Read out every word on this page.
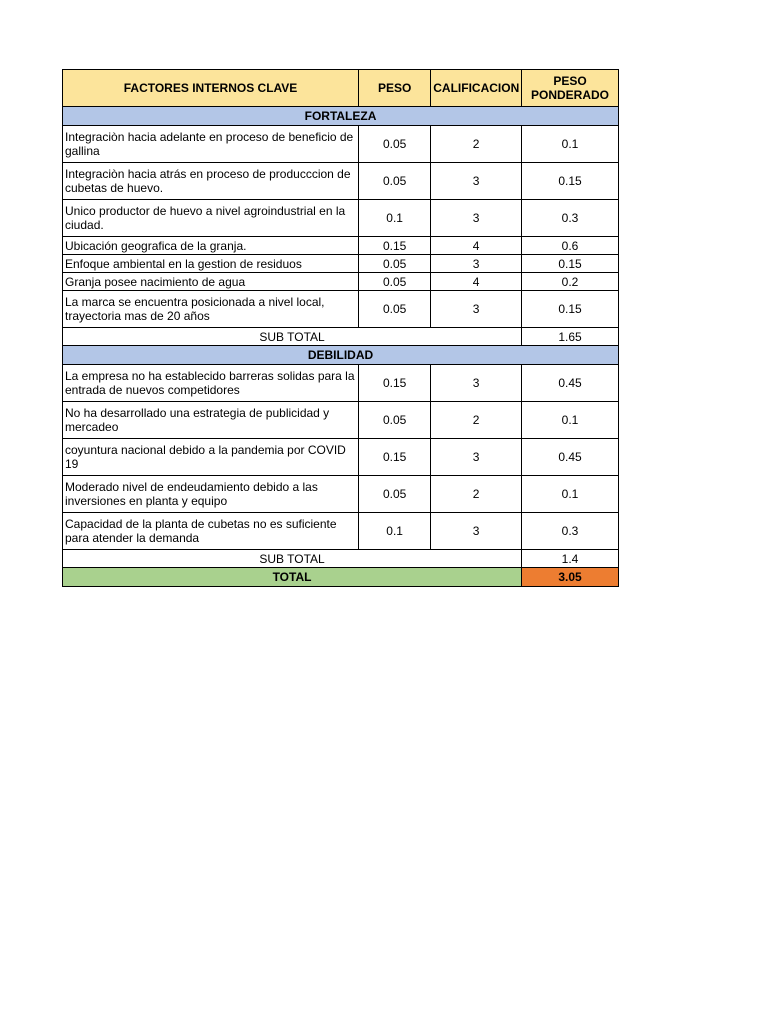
FACTORES INTERNOS CLAVE	PESO	CALIFICACION	PESO PONDERADO
FORTALEZA			
Integraciòn hacia adelante en proceso de beneficio de gallina	0.05	2	0.1
Integraciòn hacia atrás en proceso de producccion de cubetas de huevo.	0.05	3	0.15
Unico productor de huevo a nivel agroindustrial en la ciudad.	0.1	3	0.3
Ubicación geografica de la granja.	0.15	4	0.6
Enfoque ambiental en la gestion de residuos	0.05	3	0.15
Granja posee nacimiento de agua	0.05	4	0.2
La marca se encuentra posicionada a nivel local, trayectoria mas de 20 años	0.05	3	0.15
SUB TOTAL			1.65
DEBILIDAD			
La empresa no ha establecido barreras solidas para la entrada de nuevos competidores	0.15	3	0.45
No ha desarrollado una estrategia de publicidad y mercadeo	0.05	2	0.1
coyuntura nacional debido a la pandemia por COVID 19	0.15	3	0.45
Moderado nivel de endeudamiento debido a las inversiones en planta y equipo	0.05	2	0.1
Capacidad de la planta de cubetas no es suficiente para atender la demanda	0.1	3	0.3
SUB TOTAL			1.4
TOTAL			3.05
